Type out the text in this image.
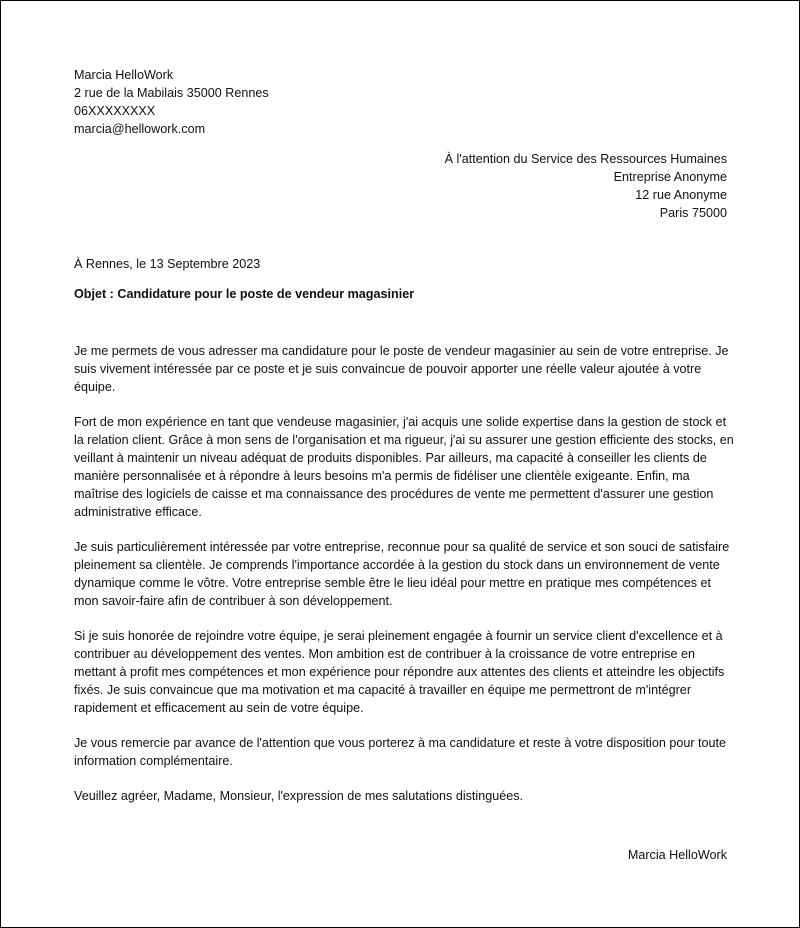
Marcia HelloWork
2 rue de la Mabilais 35000 Rennes
06XXXXXXXX
marcia@hellowork.com
À l'attention du Service des Ressources Humaines
Entreprise Anonyme
12 rue Anonyme
Paris 75000
À Rennes, le 13 Septembre 2023
Objet : Candidature pour le poste de vendeur magasinier

Je me permets de vous adresser ma candidature pour le poste de vendeur magasinier au sein de votre entreprise. Je suis vivement intéressée par ce poste et je suis convaincue de pouvoir apporter une réelle valeur ajoutée à votre équipe.

Fort de mon expérience en tant que vendeuse magasinier, j'ai acquis une solide expertise dans la gestion de stock et la relation client. Grâce à mon sens de l'organisation et ma rigueur, j'ai su assurer une gestion efficiente des stocks, en veillant à maintenir un niveau adéquat de produits disponibles. Par ailleurs, ma capacité à conseiller les clients de manière personnalisée et à répondre à leurs besoins m'a permis de fidéliser une clientèle exigeante. Enfin, ma maîtrise des logiciels de caisse et ma connaissance des procédures de vente me permettent d'assurer une gestion administrative efficace.

Je suis particulièrement intéressée par votre entreprise, reconnue pour sa qualité de service et son souci de satisfaire pleinement sa clientèle. Je comprends l'importance accordée à la gestion du stock dans un environnement de vente dynamique comme le vôtre. Votre entreprise semble être le lieu idéal pour mettre en pratique mes compétences et mon savoir-faire afin de contribuer à son développement.

Si je suis honorée de rejoindre votre équipe, je serai pleinement engagée à fournir un service client d'excellence et à contribuer au développement des ventes. Mon ambition est de contribuer à la croissance de votre entreprise en mettant à profit mes compétences et mon expérience pour répondre aux attentes des clients et atteindre les objectifs fixés. Je suis convaincue que ma motivation et ma capacité à travailler en équipe me permettront de m'intégrer rapidement et efficacement au sein de votre équipe.

Je vous remercie par avance de l'attention que vous porterez à ma candidature et reste à votre disposition pour toute information complémentaire.

Veuillez agréer, Madame, Monsieur, l'expression de mes salutations distinguées.

Marcia HelloWork
